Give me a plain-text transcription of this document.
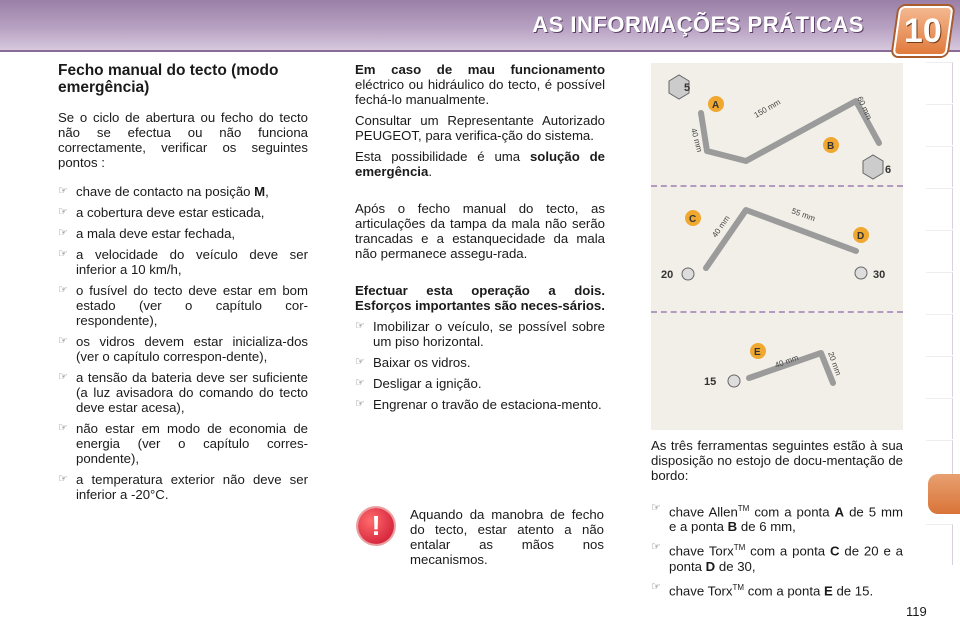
AS INFORMAÇÕES PRÁTICAS 10
Fecho manual do tecto (modo emergência)

Se o ciclo de abertura ou fecho do tecto não se efectua ou não funciona correctamente, verificar os seguintes pontos :

☞ chave de contacto na posição M,
☞ a cobertura deve estar esticada,
☞ a mala deve estar fechada,
☞ a velocidade do veículo deve ser inferior a 10 km/h,
☞ o fusível do tecto deve estar em bom estado (ver o capítulo cor-respondente),
☞ os vidros devem estar inicializa-dos (ver o capítulo correspon-dente),
☞ a tensão da bateria deve ser suficiente (a luz avisadora do comando do tecto deve estar acesa),
☞ não estar em modo de economia de energia (ver o capítulo corres-pondente),
☞ a temperatura exterior não deve ser inferior a -20°C.

Em caso de mau funcionamento eléctrico ou hidráulico do tecto, é possível fechá-lo manualmente.

Consultar um Representante Autorizado PEUGEOT, para verifica-ção do sistema.

Esta possibilidade é uma solução de emergência.

Após o fecho manual do tecto, as articulações da tampa da mala não serão trancadas e a estanquecidade da mala não permanece assegu-rada.

Efectuar esta operação a dois. Esforços importantes são neces-sários.

☞ Imobilizar o veículo, se possível sobre um piso horizontal.
☞ Baixar os vidros.
☞ Desligar a ignição.
☞ Engrenar o travão de estaciona-mento.
!	Aquando da manobra de fecho do tecto, estar atento a não entalar as mãos nos mecanismos.
5
A	150 mm	60 mm
40 mm	B
6
C
D
55 mm
40 mm
20	30
E
40 mm	20 mm
15

As três ferramentas seguintes estão à sua disposição no estojo de docu-mentação de bordo:

☞ chave Allen™ com a ponta A de 5 mm e a ponta B de 6 mm,
☞ chave Torx™ com a ponta C de 20 e a ponta D de 30,
☞ chave Torx™ com a ponta E de 15.
119
